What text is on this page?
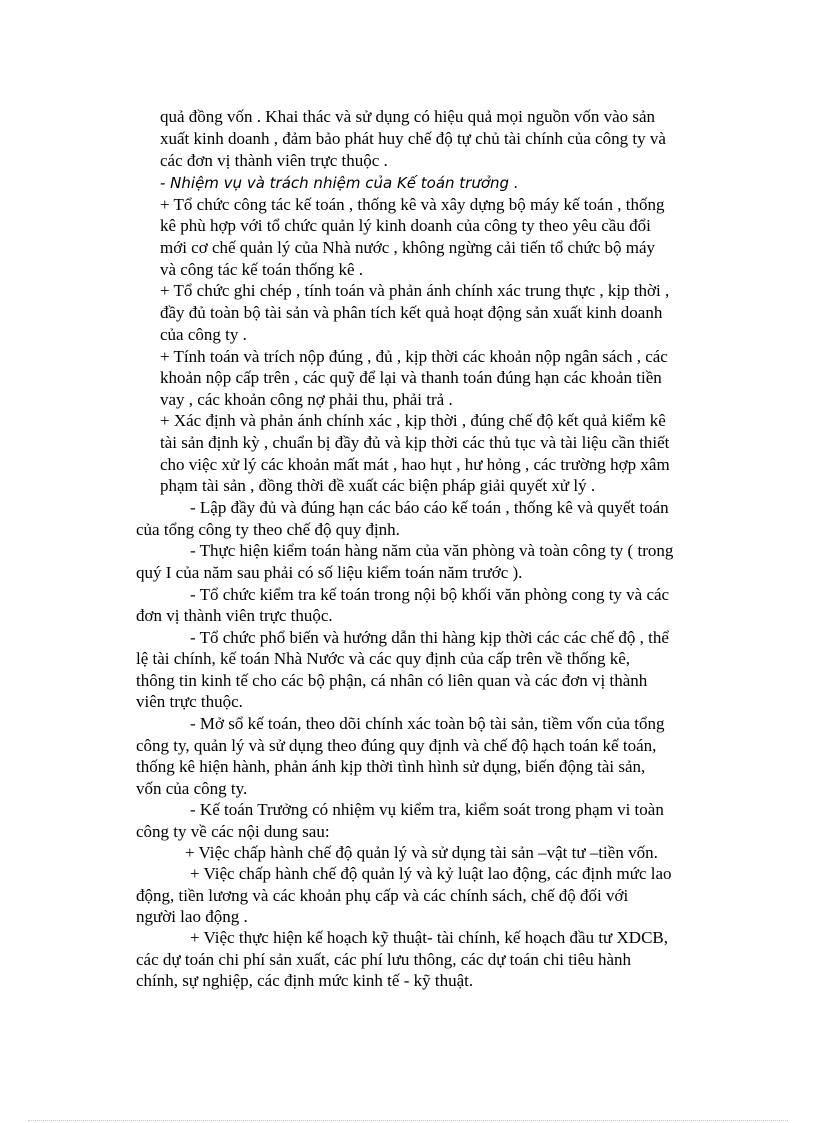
quả đồng vốn . Khai thác và sử dụng có hiệu quả mọi nguồn vốn vào sản

xuất kinh doanh , đảm bảo phát huy chế độ tự chủ tài chính của công ty và

các đơn vị thành viên trực thuộc .

- Nhiệm vụ và trách nhiệm của Kế toán trưởng .

+ Tổ chức công tác kế toán , thống kê và xây dựng bộ máy kế toán , thống

kê phù hợp với tổ chức quản lý kinh doanh của công ty theo yêu cầu đổi

mới cơ chế quản lý của Nhà nước , không ngừng cải tiến tổ chức bộ máy

và công tác kế toán thống kê .

+ Tổ chức ghi chép , tính toán và phản ánh chính xác trung thực , kịp thời ,

đầy đủ toàn bộ tài sản và phân tích kết quả hoạt động sản xuất kinh doanh

của công ty .

+ Tính toán và trích nộp đúng , đủ , kịp thời các khoản nộp ngân sách , các

khoản nộp cấp trên , các quỹ để lại và thanh toán đúng hạn các khoản tiền

vay , các khoản công nợ phải thu, phải trả .

+ Xác định và phản ánh chính xác , kịp thời , đúng chế độ kết quả kiểm kê

tài sản định kỳ , chuẩn bị đầy đủ và kịp thời các thủ tục và tài liệu cần thiết

cho việc xử lý các khoản mất mát , hao hụt , hư hỏng , các trường hợp xâm

phạm tài sản , đồng thời đề xuất các biện pháp giải quyết xử lý .

- Lập đầy đủ và đúng hạn các báo cáo kế toán , thống kê và quyết toán

của tổng công ty theo chế độ quy định.

- Thực hiện kiểm toán hàng năm của văn phòng và toàn công ty ( trong

quý I của năm sau phải có số liệu kiểm toán năm trước ).

- Tổ chức kiểm tra kế toán trong nội bộ khối văn phòng cong ty và các

đơn vị thành viên trực thuộc.

- Tổ chức phổ biến và hướng dẫn thi hàng kịp thời các các chế độ , thể

lệ tài chính, kế toán Nhà Nước và các quy định của cấp trên về thống kê,

thông tin kinh tế cho các bộ phận, cá nhân có liên quan và các đơn vị thành

viên trực thuộc.

- Mở sổ kế toán, theo dõi chính xác toàn bộ tài sản, tiềm vốn của tổng

công ty, quản lý và sử dụng theo đúng quy định và chế độ hạch toán kế toán,

thống kê hiện hành, phản ánh kịp thời tình hình sử dụng, biến động tài sản,

vốn của công ty.

- Kế toán Trưởng có nhiệm vụ kiểm tra, kiểm soát trong phạm vi toàn

công ty về các nội dung sau:

+ Việc chấp hành chế độ quản lý và sử dụng tài sản –vật tư –tiền vốn.

+ Việc chấp hành chế độ quản lý và kỷ luật lao động, các định mức lao

động, tiền lương và các khoản phụ cấp và các chính sách, chế độ đối với

người lao động .

+ Việc thực hiện kế hoạch kỹ thuật- tài chính, kế hoạch đầu tư XDCB,

các dự toán chi phí sản xuất, các phí lưu thông, các dự toán chi tiêu hành

chính, sự nghiệp, các định mức kinh tế - kỹ thuật.
